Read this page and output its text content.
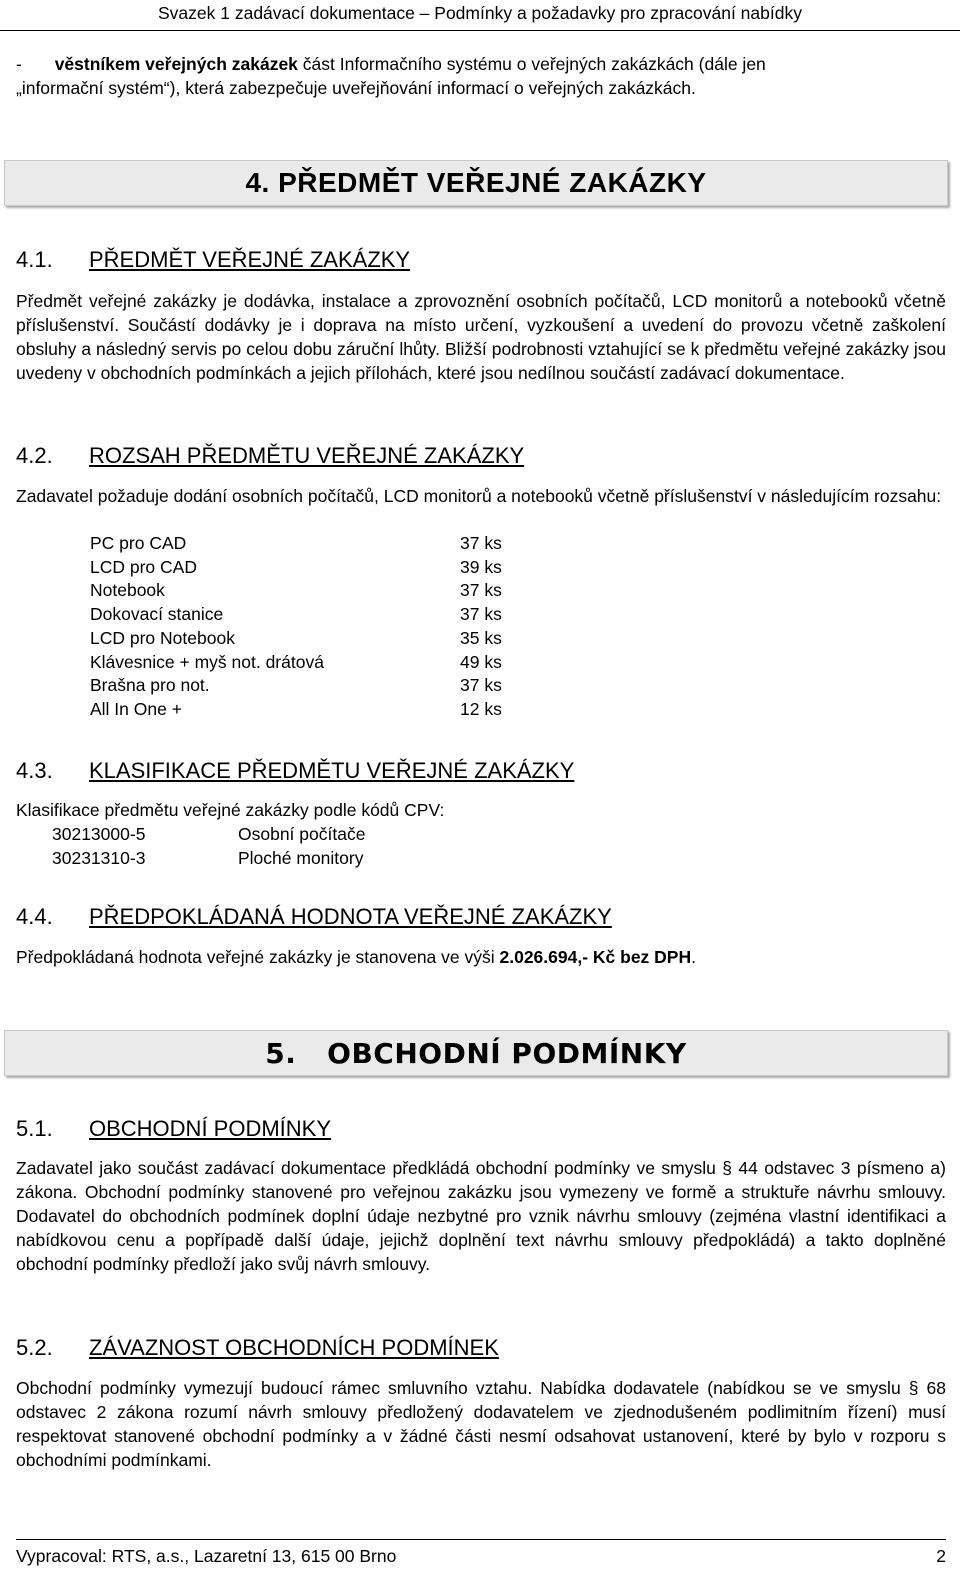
Svazek 1 zadávací dokumentace – Podmínky a požadavky pro zpracování nabídky
- věstníkem veřejných zakázek část Informačního systému o veřejných zakázkách (dále jen
„informační systém“), která zabezpečuje uveřejňování informací o veřejných zakázkách.
4. PŘEDMĚT VEŘEJNÉ ZAKÁZKY
4.1. PŘEDMĚT VEŘEJNÉ ZAKÁZKY
Předmět veřejné zakázky je dodávka, instalace a zprovoznění osobních počítačů, LCD monitorů a notebooků včetně příslušenství. Součástí dodávky je i doprava na místo určení, vyzkoušení a uvedení do provozu včetně zaškolení obsluhy a následný servis po celou dobu záruční lhůty. Bližší podrobnosti vztahující se k předmětu veřejné zakázky jsou uvedeny v obchodních podmínkách a jejich přílohách, které jsou nedílnou součástí zadávací dokumentace.
4.2. ROZSAH PŘEDMĚTU VEŘEJNÉ ZAKÁZKY
Zadavatel požaduje dodání osobních počítačů, LCD monitorů a notebooků včetně příslušenství v následujícím rozsahu:
PC pro CAD	37 ks
LCD pro CAD	39 ks
Notebook	37 ks
Dokovací stanice	37 ks
LCD pro Notebook	35 ks
Klávesnice + myš not. drátová	49 ks
Brašna pro not.	37 ks
All In One +	12 ks
4.3. KLASIFIKACE PŘEDMĚTU VEŘEJNÉ ZAKÁZKY
Klasifikace předmětu veřejné zakázky podle kódů CPV:
30213000-5	Osobní počítače
30231310-3	Ploché monitory
4.4. PŘEDPOKLÁDANÁ HODNOTA VEŘEJNÉ ZAKÁZKY
Předpokládaná hodnota veřejné zakázky je stanovena ve výši 2.026.694,- Kč bez DPH.
5.   OBCHODNÍ PODMÍNKY
5.1. OBCHODNÍ PODMÍNKY
Zadavatel jako součást zadávací dokumentace předkládá obchodní podmínky ve smyslu § 44 odstavec 3 písmeno a) zákona. Obchodní podmínky stanovené pro veřejnou zakázku jsou vymezeny ve formě a struktuře návrhu smlouvy. Dodavatel do obchodních podmínek doplní údaje nezbytné pro vznik návrhu smlouvy (zejména vlastní identifikaci a nabídkovou cenu a popřípadě další údaje, jejichž doplnění text návrhu smlouvy předpokládá) a takto doplněné obchodní podmínky předloží jako svůj návrh smlouvy.
5.2. ZÁVAZNOST OBCHODNÍCH PODMÍNEK
Obchodní podmínky vymezují budoucí rámec smluvního vztahu. Nabídka dodavatele (nabídkou se ve smyslu § 68 odstavec 2 zákona rozumí návrh smlouvy předložený dodavatelem ve zjednodušeném podlimitním řízení) musí respektovat stanovené obchodní podmínky a v žádné části nesmí odsahovat ustanovení, které by bylo v rozporu s obchodními podmínkami.
Vypracoval: RTS, a.s., Lazaretní 13, 615 00 Brno	2
